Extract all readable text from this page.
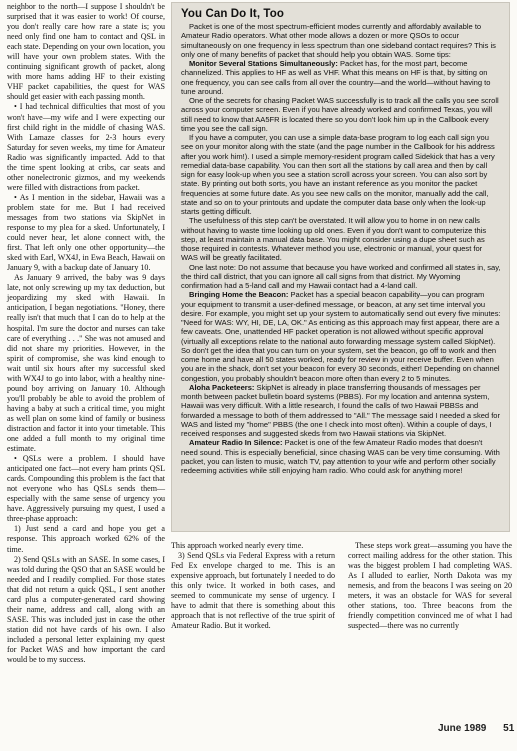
neighbor to the north—I suppose I shouldn't be surprised that it was easier to work! Of course, you don't really care how rare a state is; you need only find one ham to contact and QSL in each state. Depending on your own location, you will have your own problem states. With the continuing significant growth of packet, along with more hams adding HF to their existing VHF packet capabilities, the quest for WAS should get easier with each passing month.

• I had technical difficulties that most of you won't have—my wife and I were expecting our first child right in the middle of chasing WAS. With Lamaze classes for 2-3 hours every Saturday for seven weeks, my time for Amateur Radio was significantly impacted. Add to that the time spent looking at cribs, car seats and other nonelectronic gizmos, and my weekends were filled with distractions from packet.

• As I mention in the sidebar, Hawaii was a problem state for me. But I had received messages from two stations via SkipNet in response to my plea for a sked. Unfortunately, I could never hear, let alone connect with, the first. That left only one other opportunity—the sked with Earl, WX4J, in Ewa Beach, Hawaii on January 9, with a backup date of January 10.

As January 9 arrived, the baby was 9 days late, not only screwing up my tax deduction, but jeopardizing my sked with Hawaii. In anticipation, I began negotiations. "Honey, there really isn't that much that I can do to help at the hospital. I'm sure the doctor and nurses can take care of everything . . ." She was not amused and did not share my priorities. However, in the spirit of compromise, she was kind enough to wait until six hours after my successful sked with WX4J to go into labor, with a healthy nine-pound boy arriving on January 10. Although you'll probably be able to avoid the problem of having a baby at such a critical time, you might as well plan on some kind of family or business distraction and factor it into your timetable. This one added a full month to my original time estimate.

• QSLs were a problem. I should have anticipated one fact—not every ham prints QSL cards. Compounding this problem is the fact that not everyone who has QSLs sends them—especially with the same sense of urgency you have. Aggressively pursuing my quest, I used a three-phase approach:

1) Just send a card and hope you get a response. This approach worked 62% of the time.

2) Send QSLs with an SASE. In some cases, I was told during the QSO that an SASE would be needed and I readily complied. For those states that did not return a quick QSL, I sent another card plus a computer-generated card showing their name, address and call, along with an SASE. This was included just in case the other station did not have cards of his own. I also included a personal letter explaining my quest for Packet WAS and how important the card would be to my success.

You Can Do It, Too

Packet is one of the most spectrum-efficient modes currently and affordably available to Amateur Radio operators. What other mode allows a dozen or more QSOs to occur simultaneously on one frequency in less spectrum than one sideband contact requires? This is only one of many benefits of packet that should help you obtain WAS. Some tips:

Monitor Several Stations Simultaneously: Packet has, for the most part, become channelized. This applies to HF as well as VHF. What this means on HF is that, by sitting on one frequency, you can see calls from all over the country—and the world—without having to tune around.

One of the secrets for chasing Packet WAS successfully is to track all the calls you see scroll across your computer screen. Even if you have already worked and confirmed Texas, you will still need to know that AA5FR is located there so you don't look him up in the Callbook every time you see the call sign.

If you have a computer, you can use a simple data-base program to log each call sign you see on your monitor along with the state (and the page number in the Callbook for his address after you work him!). I used a simple memory-resident program called Sidekick that has a very remedial data-base capability. You can then sort all the stations by call area and then by call sign for easy look-up when you see a station scroll across your screen. You can also sort by state. By printing out both sorts, you have an instant reference as you monitor the packet frequencies at some future date. As you see new calls on the monitor, manually add the call, state and so on to your printouts and update the computer data base only when the look-up starts getting difficult.

The usefulness of this step can't be overstated. It will allow you to home in on new calls without having to waste time looking up old ones. Even if you don't want to computerize this step, at least maintain a manual data base. You might consider using a dupe sheet such as those required in contests. Whatever method you use, electronic or manual, your quest for WAS will be greatly facilitated.

One last note: Do not assume that because you have worked and confirmed all states in, say, the third call district, that you can ignore all call signs from that district. My Wyoming confirmation had a 5-land call and my Hawaii contact had a 4-land call.

Bringing Home the Beacon: Packet has a special beacon capability—you can program your equipment to transmit a user-defined message, or beacon, at any set time interval you desire. For example, you might set up your system to automatically send out every five minutes: "Need for WAS: WY, HI, DE, LA, OK." As enticing as this approach may first appear, there are a few caveats. One, unattended HF packet operation is not allowed without specific approval (virtually all exceptions relate to the national auto forwarding message system called SkipNet). So don't get the idea that you can turn on your system, set the beacon, go off to work and then come home and have all 50 states worked, ready for review in your receive buffer. Even when you are in the shack, don't set your beacon for every 30 seconds, either! Depending on channel congestion, you probably shouldn't beacon more often than every 2 to 5 minutes.

Aloha Packeteers: SkipNet is already in place transferring thousands of messages per month between packet bulletin board systems (PBBS). For my location and antenna system, Hawaii was very difficult. With a little research, I found the calls of two Hawaii PBBSs and forwarded a message to both of them addressed to "All." The message said I needed a sked for WAS and listed my "home" PBBS (the one I check into most often). Within a couple of days, I received responses and suggested skeds from two Hawaii stations via SkipNet.

Amateur Radio In Silence: Packet is one of the few Amateur Radio modes that doesn't need sound. This is especially beneficial, since chasing WAS can be very time consuming. With packet, you can listen to music, watch TV, pay attention to your wife and perform other socially redeeming activities while still enjoying ham radio. Who could ask for anything more!

This approach worked nearly every time.

3) Send QSLs via Federal Express with a return Fed Ex envelope charged to me. This is an expensive approach, but fortunately I needed to do this only twice. It worked in both cases, and seemed to communicate my sense of urgency. I have to admit that there is something about this approach that is not reflective of the true spirit of Amateur Radio. But it worked.

These steps work great—assuming you have the correct mailing address for the other station. This was the biggest problem I had completing WAS. As I alluded to earlier, North Dakota was my nemesis, and from the beacons I was seeing on 20 meters, it was an obstacle for WAS for several other stations, too. Three beacons from the friendly competition convinced me of what I had suspected—there was no currently

June 1989 51
